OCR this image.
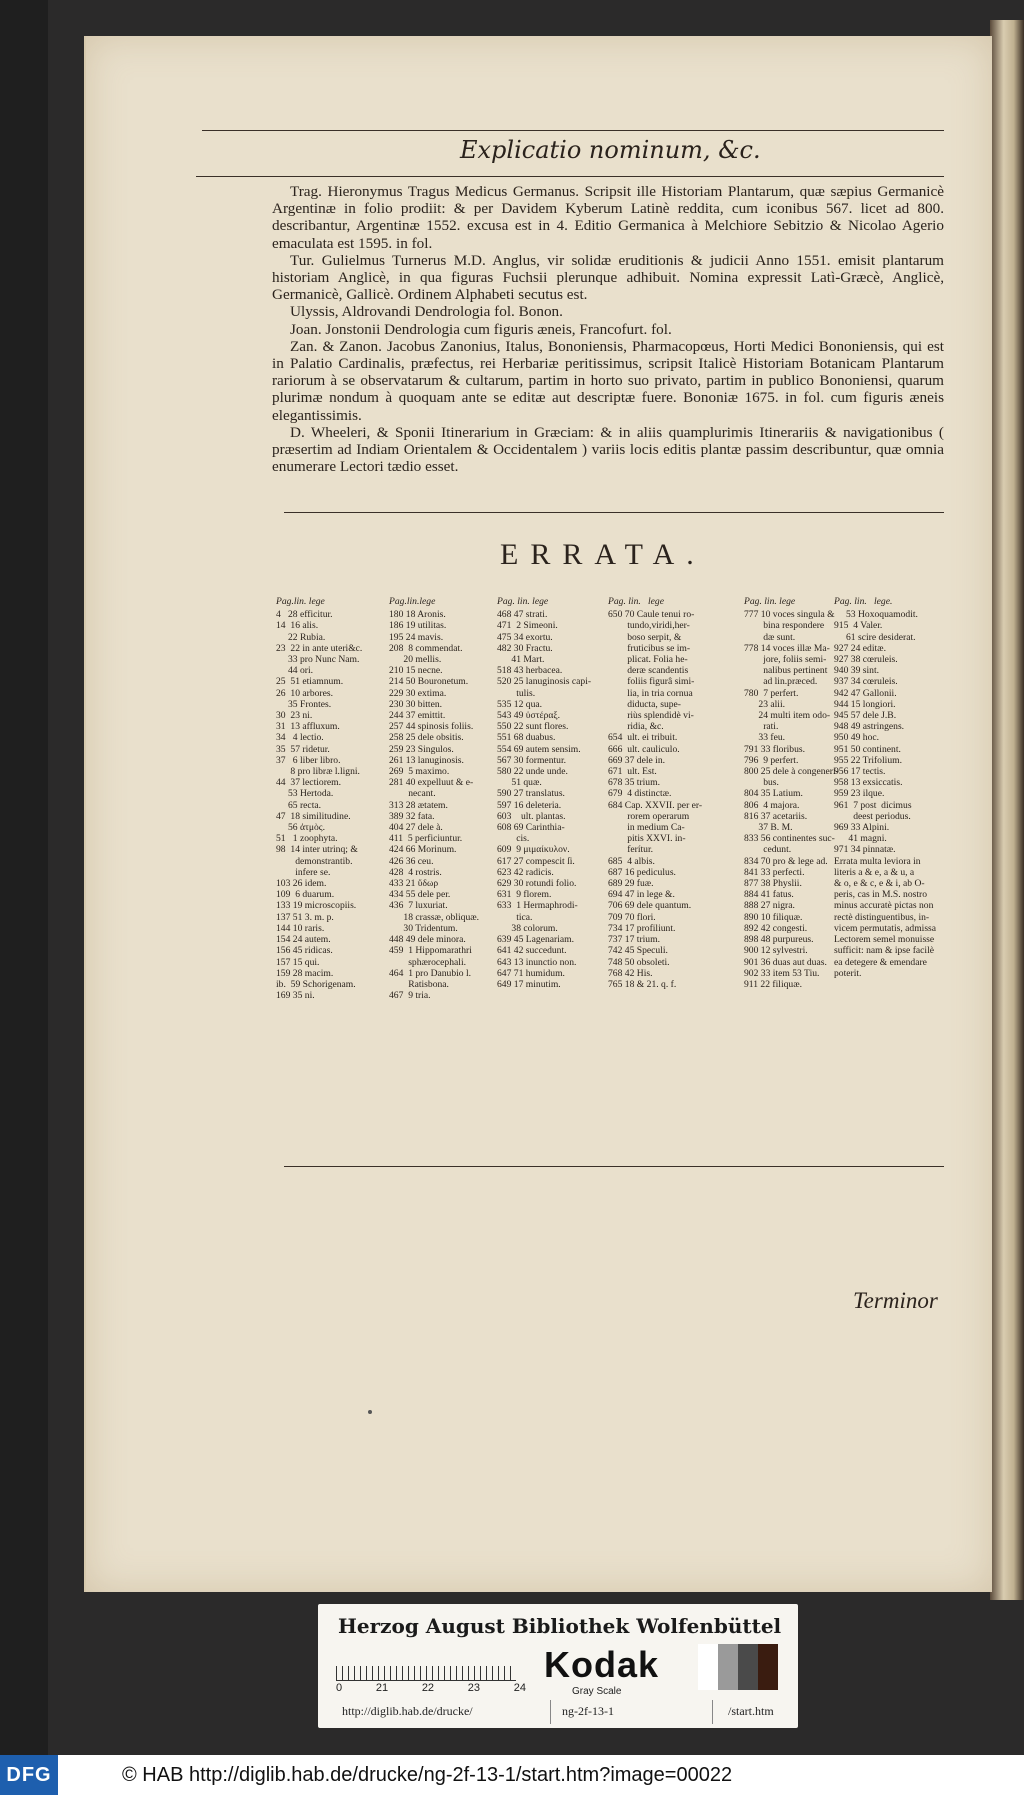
Explicatio nominum, &c.

Trag. Hieronymus Tragus Medicus Germanus. Scripsit ille Historiam Plantarum, quæ sæpius Germanicè Argentinæ in folio prodiit: & per Davidem Kyberum Latinè reddita, cum iconibus 567. licet ad 800. describantur, Argentinæ 1552. excusa est in 4. Editio Germanica à Melchiore Sebitzio & Nicolao Agerio emaculata est 1595. in fol.

Tur. Gulielmus Turnerus M.D. Anglus, vir solidæ eruditionis & judicii Anno 1551. emisit plantarum historiam Anglicè, in qua figuras Fuchsii plerunque adhibuit. Nomina expressit Latì-Græcè, Anglicè, Germanicè, Gallicè. Ordinem Alphabeti secutus est.

Ulyssis, Aldrovandi Dendrologia fol. Bonon.

Joan. Jonstonii Dendrologia cum figuris æneis, Francofurt. fol.

Zan. & Zanon. Jacobus Zanonius, Italus, Bononiensis, Pharmacopœus, Horti Medici Bononiensis, qui est in Palatio Cardinalis, præfectus, rei Herbariæ peritissimus, scripsit Italicè Historiam Botanicam Plantarum rariorum à se observatarum & cultarum, partim in horto suo privato, partim in publico Bononiensi, quarum plurimæ nondum à quoquam ante se editæ aut descriptæ fuere. Bononiæ 1675. in fol. cum figuris æneis elegantissimis.

D. Wheeleri, & Sponii Itinerarium in Græciam: & in aliis quamplurimis Itinerariis & navigationibus ( præsertim ad Indiam Orientalem & Occidentalem ) variis locis editis plantæ passim describuntur, quæ omnia enumerare Lectori tædio esset.

ERRATA.
Pag.lin. lege
4   28 efficitur.
14  16 alis.
22 Rubia.
23  22 in ante uteri&c.
33 pro Nunc Nam.
44 ori.
25  51 etiamnum.
26  10 arbores.
35 Frontes.
30  23 ni.
31  13 affluxum.
34   4 lectio.
35  57 ridetur.
37   6 liber libro.
8 pro libræ l.ligni.
44  37 lectiorem.
53 Hertoda.
65 recta.
47  18 similitudine.
56 ἀτμὸς.
51   1 zoophyta.
98  14 inter utrinq; &
demonstrantib.
infere se.
103 26 idem.
109  6 duarum.
133 19 microscopiis.
137 51 3. m. p.
144 10 raris.
154 24 autem.
156 45 ridicas.
157 15 qui.
159 28 macim.
ib.  59 Schorigenam.
169 35 ni.
Pag.lin.lege
180 18 Aronis.
186 19 utilitas.
195 24 mavis.
208  8 commendat.
20 mellis.
210 15 necne.
214 50 Bouronetum.
229 30 extima.
230 30 bitten.
244 37 emittit.
257 44 spinosis foliis.
258 25 dele obsitis.
259 23 Singulos.
261 13 lanuginosis.
269  5 maximo.
281 40 expelluut & e-
necant.
313 28 ætatem.
389 32 fata.
404 27 dele à.
411  5 perficiuntur.
424 66 Morinum.
426 36 ceu.
428  4 rostris.
433 21 ὕδωρ
434 55 dele per.
436  7 luxuriat.
18 crassæ, obliquæ.
30 Tridentum.
448 49 dele minora.
459  1 Hippomarathri
sphærocephali.
464  1 pro Danubio l.
Ratisbona.
467  9 tria.
Pag. lin. lege
468 47 strati.
471  2 Simeoni.
475 34 exortu.
482 30 Fractu.
41 Mart.
518 43 herbacea.
520 25 lanuginosis capi-
tulis.
535 12 qua.
543 49 ὑστέραξ.
550 22 sunt flores.
551 68 duabus.
554 69 autem sensim.
567 30 formentur.
580 22 unde unde.
51 quæ.
590 27 translatus.
597 16 deleteria.
603    ult. plantas.
608 69 Carinthia-
cis.
609  9 μιμαίκυλον.
617 27 compescit ſi.
623 42 radicis.
629 30 rotundi folio.
631  9 florem.
633  1 Hermaphrodi-
tica.
38 colorum.
639 45 Lagenariam.
641 42 succedunt.
643 13 inunctio non.
647 71 humidum.
649 17 minutim.
Pag. lin.   lege
650 70 Caule tenui ro-
tundo,viridi,her-
boso serpit, &
fruticibus se im-
plicat. Folia he-
deræ scandentis
foliis figurâ simi-
lia, in tria cornua
diducta, supe-
riùs splendidè vi-
ridia, &c.
654  ult. ei tribuit.
666  ult. cauliculo.
669 37 dele in.
671  ult. Est.
678 35 trium.
679  4 distinctæ.
684 Cap. XXVII. per er-
rorem operarum
in medium Ca-
pitis XXVI. in-
ferítur.
685  4 albis.
687 16 pediculus.
689 29 fuæ.
694 47 in lege &.
706 69 dele quantum.
709 70 flori.
734 17 profiliunt.
737 17 trium.
742 45 Speculi.
748 50 obsoleti.
768 42 His.
765 18 & 21. q. f.
Pag. lin. lege
777 10 voces singula &
bina respondere
dæ sunt.
778 14 voces illæ Ma-
jore, foliis semi-
nalibus pertinent
ad lin.præced.
780  7 perfert.
23 alii.
24 multi item odo-
rati.
33 feu.
791 33 floribus.
796  9 perfert.
800 25 dele à congeneri-
bus.
804 35 Latium.
806  4 majora.
816 37 acetariis.
37 B. M.
833 56 continentes suc-
cedunt.
834 70 pro & lege ad.
841 33 perfecti.
877 38 Physlii.
884 41 fatus.
888 27 nigra.
890 10 filiquæ.
892 42 congesti.
898 48 purpureus.
900 12 sylvestri.
901 36 duas aut duas.
902 33 item 53 Tiu.
911 22 filiquæ.
Pag. lin.   lege.
53 Hoxoquamodit.
915  4 Valer.
61 scire desiderat.
927 24 editæ.
927 38 cœruleis.
940 39 sint.
937 34 cœruleis.
942 47 Gallonii.
944 15 longiori.
945 57 dele J.B.
948 49 astringens.
950 49 hoc.
951 50 continent.
955 22 Trifolium.
956 17 tectis.
958 13 exsiccatis.
959 23 ilque.
961  7 post  dicimus
deest periodus.
969 33 Alpini.
41 magni.
971 34 pinnatæ.
Errata multa leviora in
literis a & e, a & u, a
& o, e & c, e & i, ab O-
peris, cas in M.S. nostro
minus accuratè pictas non
rectè distinguentibus, in-
vicem permutatis, admissa
Lectorem semel monuisse
sufficit: nam & ipse facilè
ea detegere & emendare
poterit.
Terminor
Herzog August Bibliothek Wolfenbüttel
0	21	22	23	24
Kodak
Gray Scale
http://diglib.hab.de/drucke/	ng-2f-13-1	/start.htm
DFG	© HAB http://diglib.hab.de/drucke/ng-2f-13-1/start.htm?image=00022
